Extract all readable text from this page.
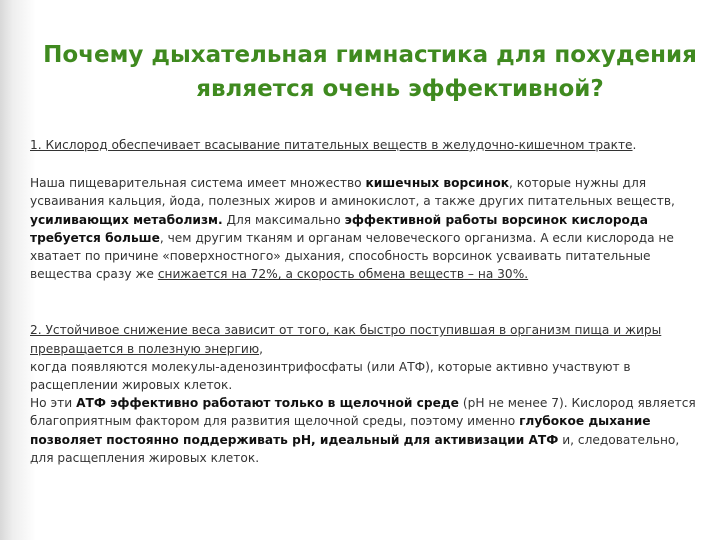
Почему дыхательная гимнастика для похудения
является очень эффективной?

1. Кислород обеспечивает всасывание питательных веществ в желудочно-кишечном тракте.

Наша пищеварительная система имеет множество кишечных ворсинок, которые нужны для усваивания кальция, йода, полезных жиров и аминокислот, а также других питательных веществ, усиливающих метаболизм. Для максимально эффективной работы ворсинок кислорода требуется больше, чем другим тканям и органам человеческого организма. А если кислорода не хватает по причине «поверхностного» дыхания, способность ворсинок усваивать питательные вещества сразу же снижается на 72%, а скорость обмена веществ – на 30%.

2. Устойчивое снижение веса зависит от того, как быстро поступившая в организм пища и жиры превращается в полезную энергию,

когда появляются молекулы-аденозинтрифосфаты (или АТФ), которые активно участвуют в расщеплении жировых клеток.

Но эти АТФ эффективно работают только в щелочной среде (рН не менее 7). Кислород является благоприятным фактором для развития щелочной среды, поэтому именно глубокое дыхание позволяет постоянно поддерживать рН, идеальный для активизации АТФ и, следовательно, для расщепления жировых клеток.
